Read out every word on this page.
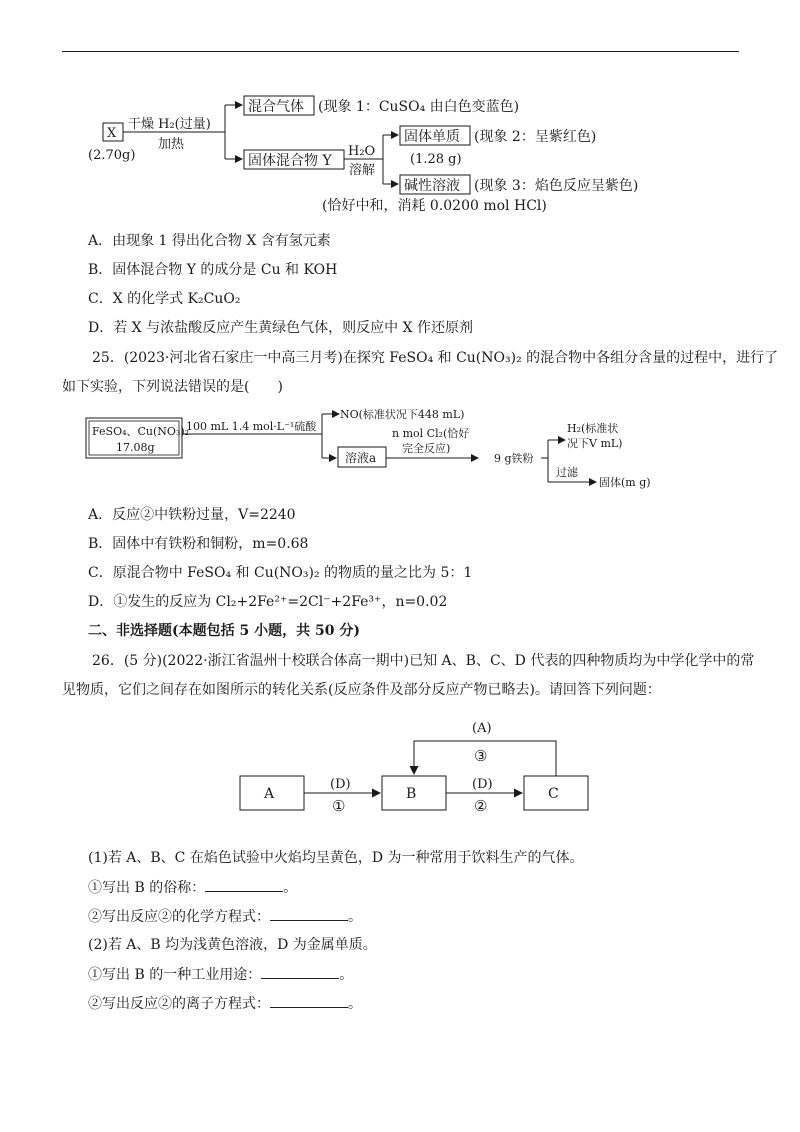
X
(2.70g)
干燥 H₂(过量)
加热
混合气体 (现象 1：CuSO₄ 由白色变蓝色)
固体混合物 Y
H₂O
溶解
固体单质 (现象 2：呈紫红色)
(1.28 g)
碱性溶液 (现象 3：焰色反应呈紫色)
(恰好中和，消耗 0.0200 mol HCl)
A．由现象 1 得出化合物 X 含有氢元素
B．固体混合物 Y 的成分是 Cu 和 KOH
C．X 的化学式 K₂CuO₂
D．若 X 与浓盐酸反应产生黄绿色气体，则反应中 X 作还原剂
25．(2023·河北省石家庄一中高三月考)在探究 FeSO₄ 和 Cu(NO₃)₂ 的混合物中各组分含量的过程中，进行了
如下实验，下列说法错误的是(　　)
FeSO₄、Cu(NO₃)₂
17.08g
100 mL 1.4 mol·L⁻¹硫酸
NO(标准状况下448 mL)
溶液a
n mol Cl₂(恰好
完全反应)
9 g铁粉
H₂(标准状
况下V mL)
过滤
固体(m g)
A．反应②中铁粉过量，V=2240
B．固体中有铁粉和铜粉，m=0.68
C．原混合物中 FeSO₄ 和 Cu(NO₃)₂ 的物质的量之比为 5：1
D．①发生的反应为 Cl₂+2Fe²⁺=2Cl⁻+2Fe³⁺，n=0.02
二、非选择题(本题包括 5 小题，共 50 分)
26．(5 分)(2022·浙江省温州十校联合体高一期中)已知 A、B、C、D 代表的四种物质均为中学化学中的常
见物质，它们之间存在如图所示的转化关系(反应条件及部分反应产物已略去)。请回答下列问题：
A	B	C
(D)
①
(D)
②
(A)
③
(1)若 A、B、C 在焰色试验中火焰均呈黄色，D 为一种常用于饮料生产的气体。
①写出 B 的俗称：	。
②写出反应②的化学方程式：	。
(2)若 A、B 均为浅黄色溶液，D 为金属单质。
①写出 B 的一种工业用途：	。
②写出反应②的离子方程式：	。
